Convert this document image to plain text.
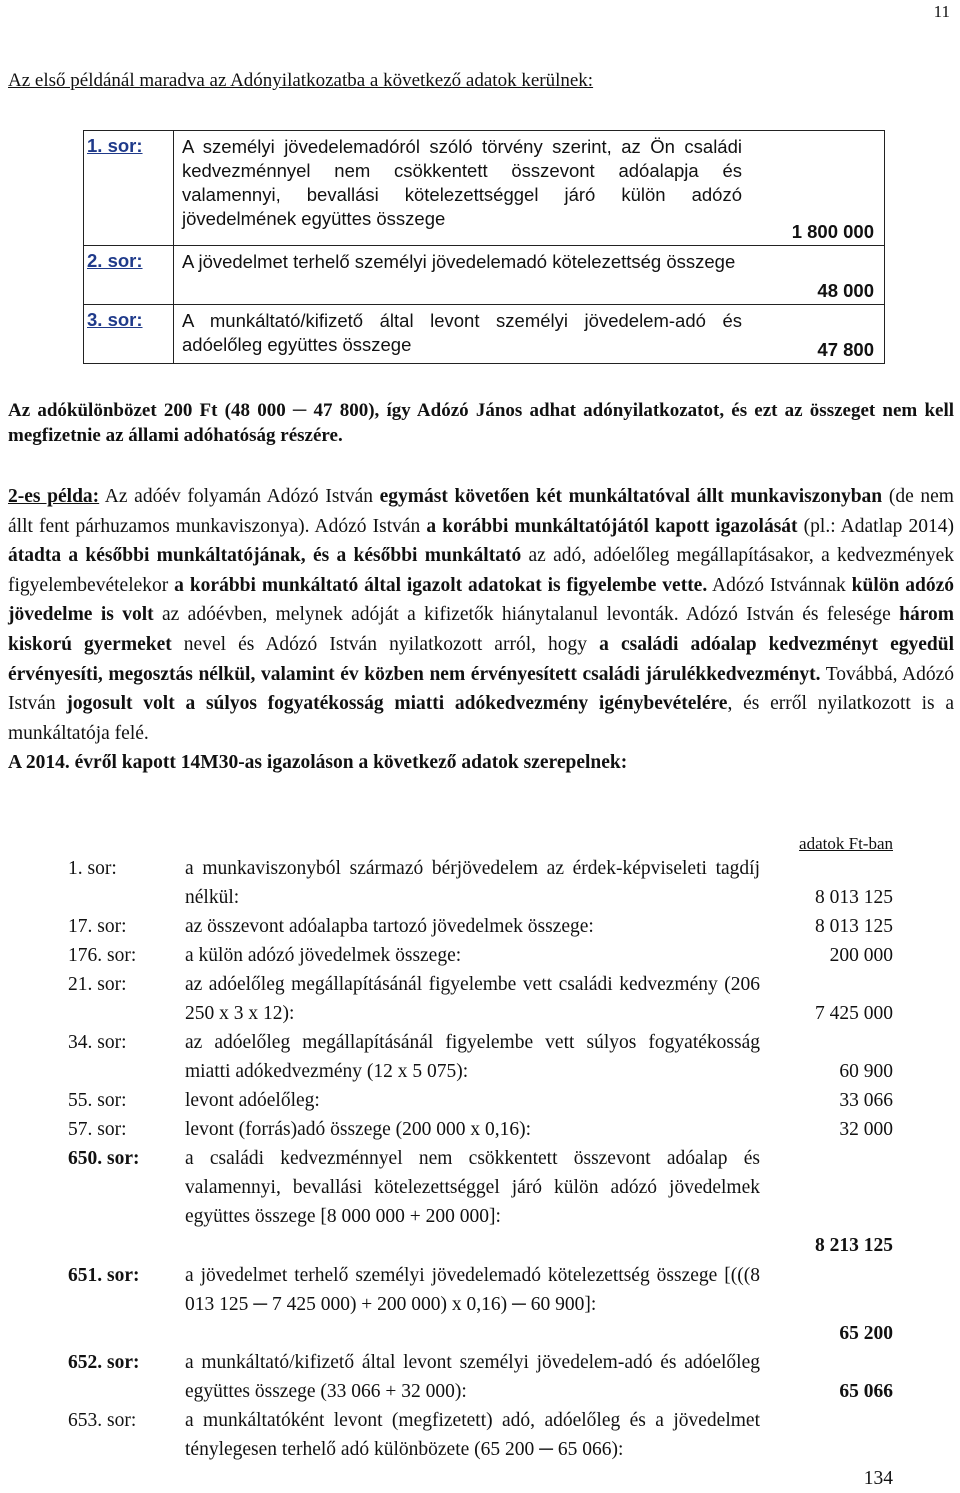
11
Az első példánál maradva az Adónyilatkozatba a következő adatok kerülnek:
1. sor:	A személyi jövedelemadóról szóló törvény szerint, az Ön családi kedvezménnyel nem csökkentett összevont adóalapja és valamennyi, bevallási kötelezettséggel járó külön adózó jövedelmének együttes összege
1 800 000
2. sor:	A jövedelmet terhelő személyi jövedelemadó kötelezettség összege
48 000
3. sor:	A munkáltató/kifizető által levont személyi jövedelem-adó és adóelőleg együttes összege	47 800
Az adókülönbözet 200 Ft (48 000 ─ 47 800), így Adózó János adhat adónyilatkozatot, és ezt az összeget nem kell megfizetnie az állami adóhatóság részére.
2-es példa: Az adóév folyamán Adózó István egymást követően két munkáltatóval állt munkaviszonyban (de nem állt fent párhuzamos munkaviszonya). Adózó István a korábbi munkáltatójától kapott igazolását (pl.: Adatlap 2014) átadta a későbbi munkáltatójának, és a későbbi munkáltató az adó, adóelőleg megállapításakor, a kedvezmények figyelembevételekor a korábbi munkáltató által igazolt adatokat is figyelembe vette. Adózó Istvánnak külön adózó jövedelme is volt az adóévben, melynek adóját a kifizetők hiánytalanul levonták. Adózó István és felesége három kiskorú gyermeket nevel és Adózó István nyilatkozott arról, hogy a családi adóalap kedvezményt egyedül érvényesíti, megosztás nélkül, valamint év közben nem érvényesített családi járulékkedvezményt. Továbbá, Adózó István jogosult volt a súlyos fogyatékosság miatti adókedvezmény igénybevételére, és erről nyilatkozott is a munkáltatója felé.
A 2014. évről kapott 14M30-as igazoláson a következő adatok szerepelnek:
adatok Ft-ban
1. sor:	a munkaviszonyból származó bérjövedelem az érdek-képviseleti tagdíj nélkül:	8 013 125
17. sor:	az összevont adóalapba tartozó jövedelmek összege:	8 013 125
176. sor:	a külön adózó jövedelmek összege:	200 000
21. sor:	az adóelőleg megállapításánál figyelembe vett családi kedvezmény (206 250 x 3 x 12):	7 425 000
34. sor:	az adóelőleg megállapításánál figyelembe vett súlyos fogyatékosság miatti adókedvezmény (12 x 5 075):	60 900
55. sor:	levont adóelőleg:	33 066
57. sor:	levont (forrás)adó összege (200 000 x 0,16):	32 000
650. sor: a családi kedvezménnyel nem csökkentett összevont adóalap és valamennyi, bevallási kötelezettséggel járó külön adózó jövedelmek együttes összege [8 000 000 + 200 000]:
8 213 125
651. sor: a jövedelmet terhelő személyi jövedelemadó kötelezettség összege [(((8 013 125 ─ 7 425 000) + 200 000) x 0,16) ─ 60 900]:
65 200
652. sor: a munkáltató/kifizető által levont személyi jövedelem-adó és adóelőleg együttes összege (33 066 + 32 000):	65 066
653. sor:	a munkáltatóként levont (megfizetett) adó, adóelőleg és a jövedelmet ténylegesen terhelő adó különbözete (65 200 ─ 65 066):
134
